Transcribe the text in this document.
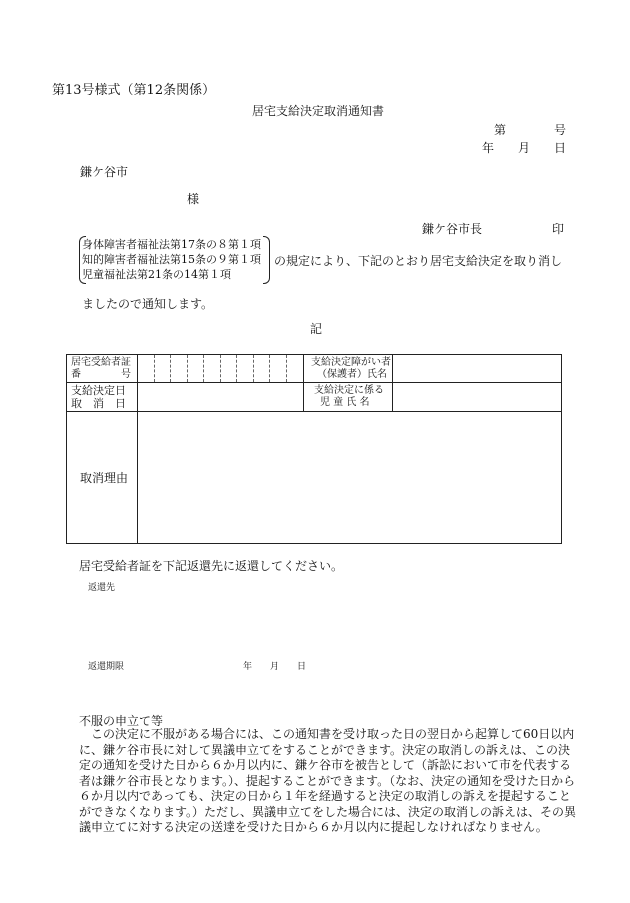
第13号様式（第12条関係）
居宅支給決定取消通知書
第　　　　号
年　　月　　日
鎌ケ谷市
様
鎌ケ谷市長	印
身体障害者福祉法第17条の８第１項
知的障害者福祉法第15条の９第１項
児童福祉法第21条の14第１項
の規定により、下記のとおり居宅支給決定を取り消し
ましたので通知します。
記
居宅受給者証
番　　　　号
支給決定障がい者
（保護者）氏名
支給決定日
取　消　日
支給決定に係る
児 童 氏 名
取消理由
居宅受給者証を下記返還先に返還してください。
返還先
返還期限	年　　月　　日
不服の申立て等
　この決定に不服がある場合には、この通知書を受け取った日の翌日から起算して60日以内
に、鎌ケ谷市長に対して異議申立てをすることができます。決定の取消しの訴えは、この決
定の通知を受けた日から６か月以内に、鎌ケ谷市を被告として（訴訟において市を代表する
者は鎌ケ谷市長となります。）、提起することができます。（なお、決定の通知を受けた日から
６か月以内であっても、決定の日から１年を経過すると決定の取消しの訴えを提起すること
ができなくなります。）ただし、異議申立てをした場合には、決定の取消しの訴えは、その異
議申立てに対する決定の送達を受けた日から６か月以内に提起しなければなりません。
